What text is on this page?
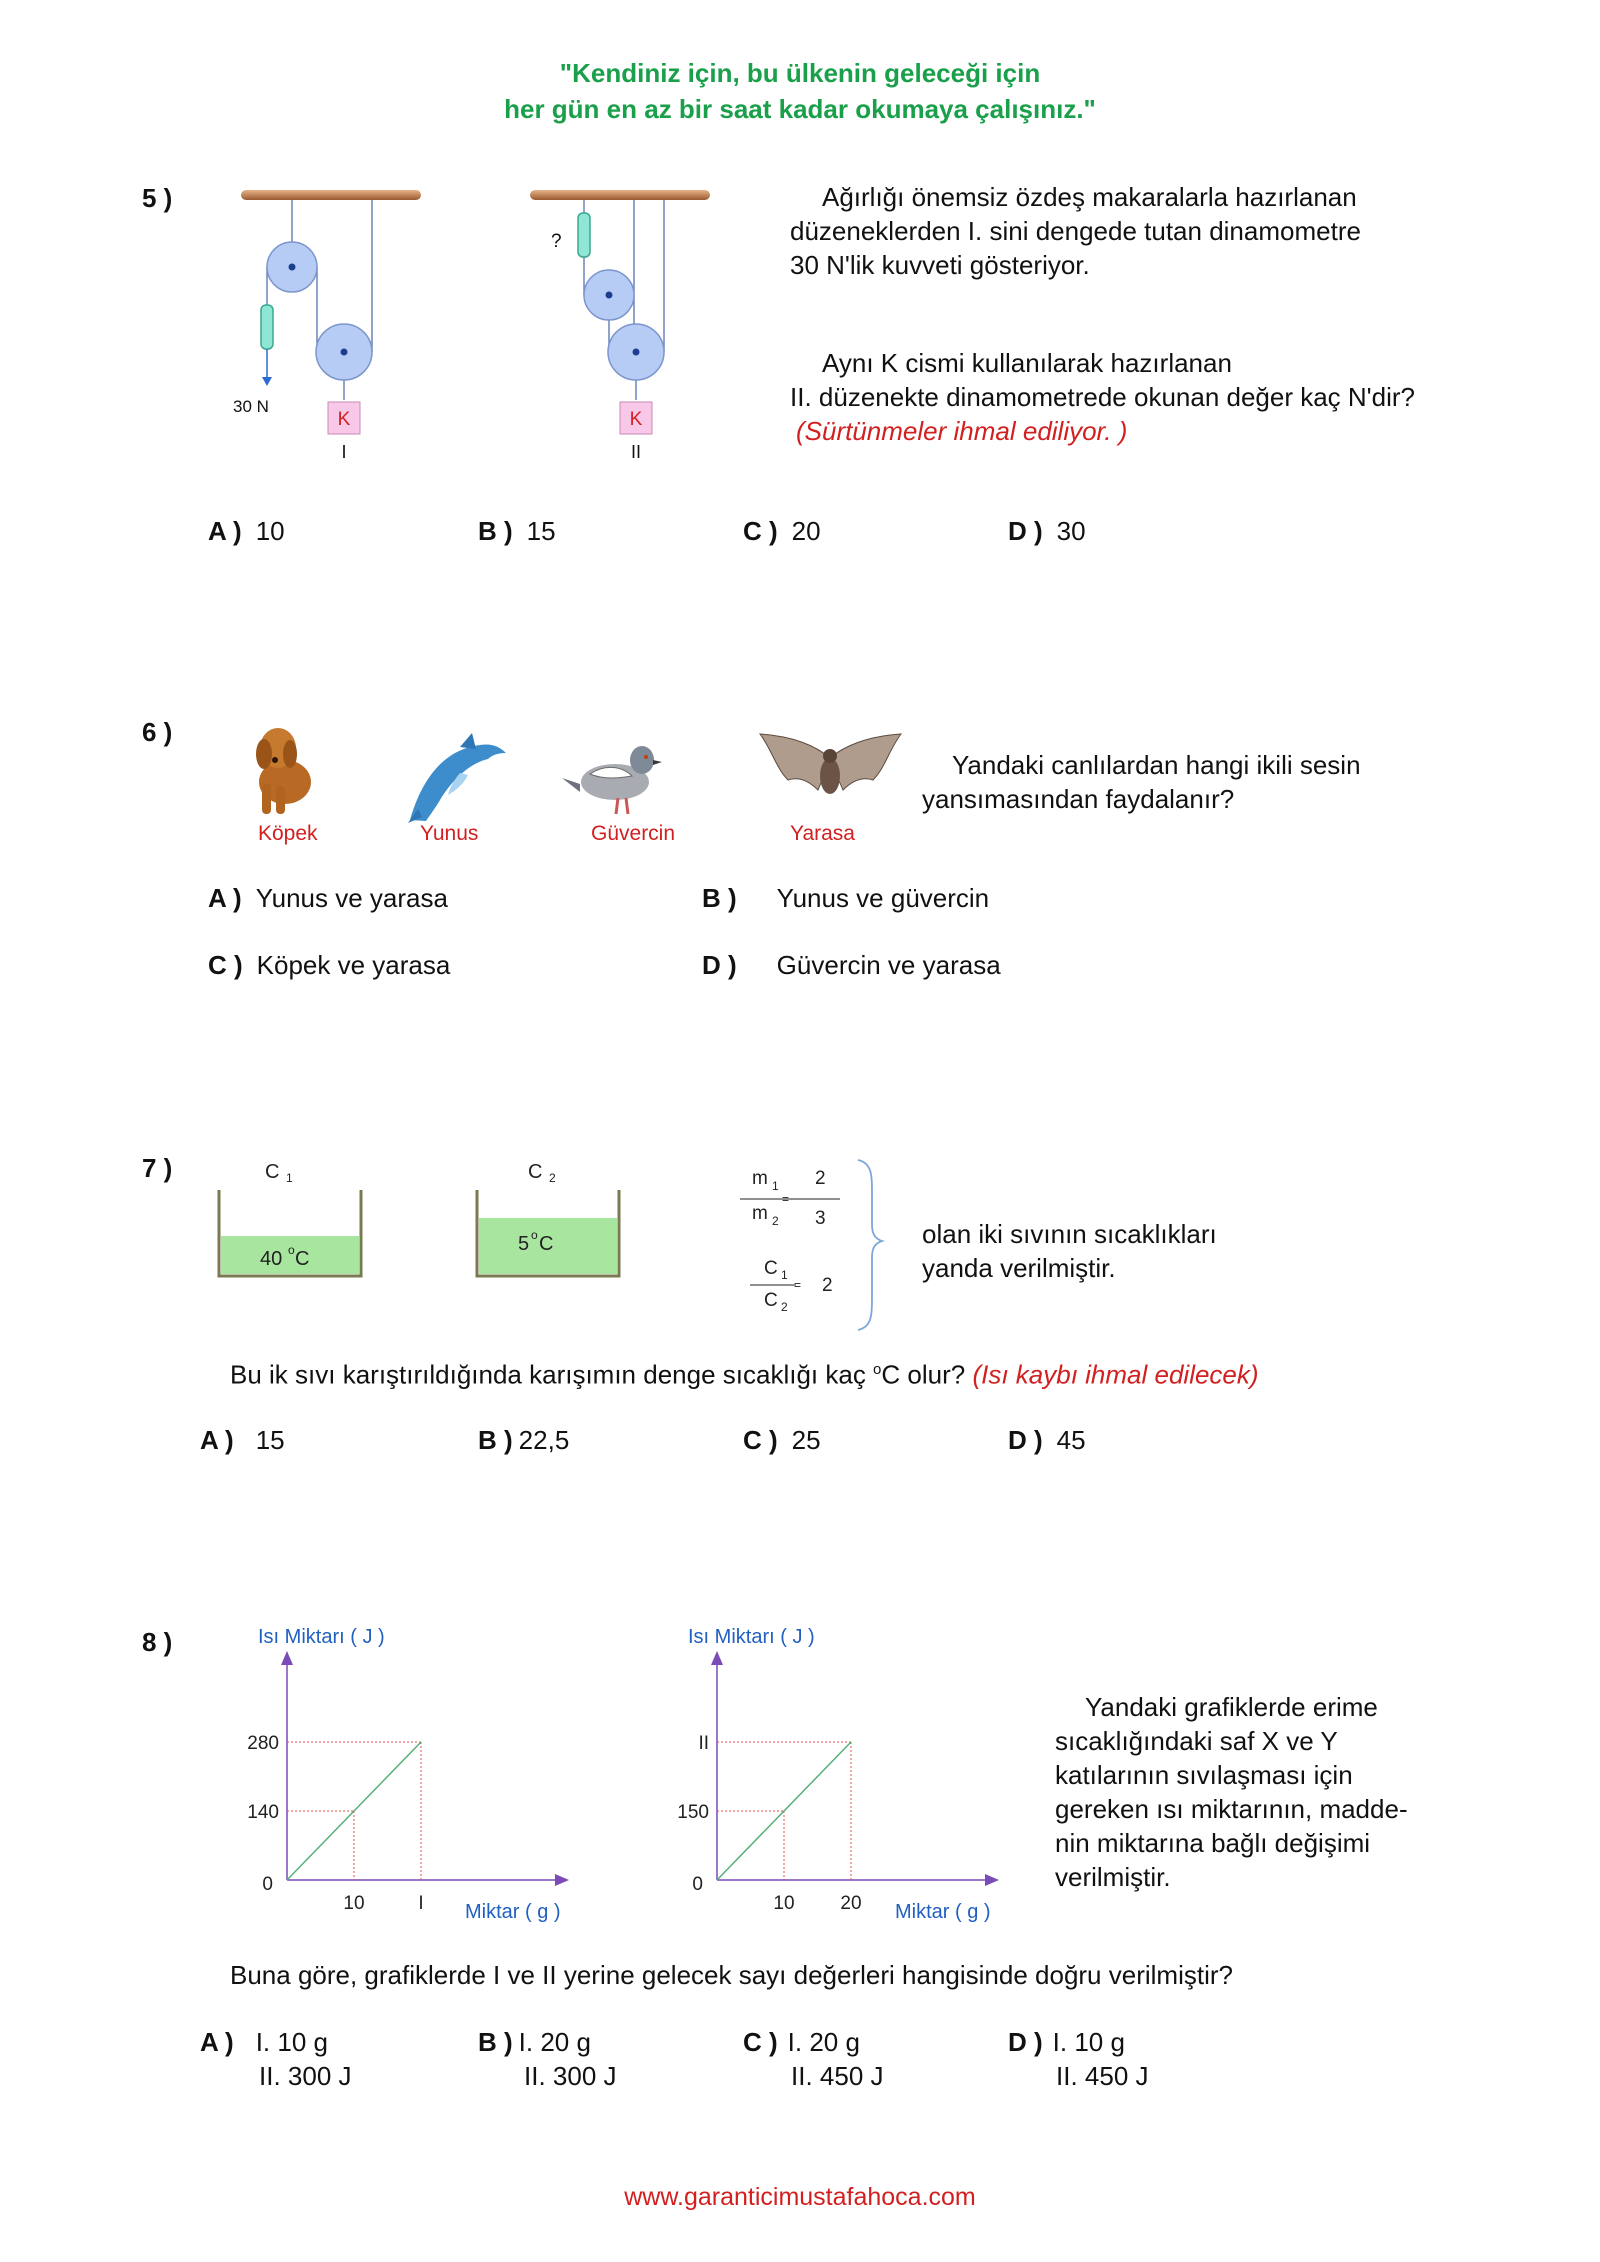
"Kendiniz için, bu ülkenin geleceği için
her gün en az bir saat kadar okumaya çalışınız."
5 )
K
30 N
I
K
?
II
Ağırlığı önemsiz özdeş makaralarla hazırlanan
düzeneklerden I. sini dengede tutan dinamometre
30 N'lik kuvveti gösteriyor.
Aynı K cismi kullanılarak hazırlanan
II. düzenekte dinamometrede okunan değer kaç N'dir?
(Sürtünmeler ihmal ediliyor. )
A ) 10	B ) 15	C ) 20	D ) 30
6 )
Köpek	Yunus	Güvercin	Yarasa
Yandaki canlılardan hangi ikili sesin
yansımasından faydalanır?
A ) Yunus ve yarasa	B ) Yunus ve güvercin
C ) Köpek ve yarasa	D ) Güvercin ve yarasa
7 )	C 1
40 o C
C 2
5 o C
m 1
=
m 2
2
3
C 1
=
C 2
2
olan iki sıvının sıcaklıkları
yanda verilmiştir.
Bu ik sıvı karıştırıldığında karışımın denge sıcaklığı kaç $^o$C olur? (Isı kaybı ihmal edilecek)
A ) 15	B ) 22,5	C ) 25	D ) 45
8 )
0
140
280
10	I
Isı Miktarı ( J )
Miktar ( g )
0
150
II
10 20
Isı Miktarı ( J )
Miktar ( g )
Yandaki grafiklerde erime
sıcaklığındaki saf X ve Y
katılarının sıvılaşması için
gereken ısı miktarının, madde-
nin miktarına bağlı değişimi
verilmiştir.
Buna göre, grafiklerde I ve II yerine gelecek sayı değerleri hangisinde doğru verilmiştir?
A ) I. 10 g
II. 300 J
B ) I. 20 g
II. 300 J
C ) I. 20 g
II. 450 J
D ) I. 10 g
II. 450 J
www.garanticimustafahoca.com
